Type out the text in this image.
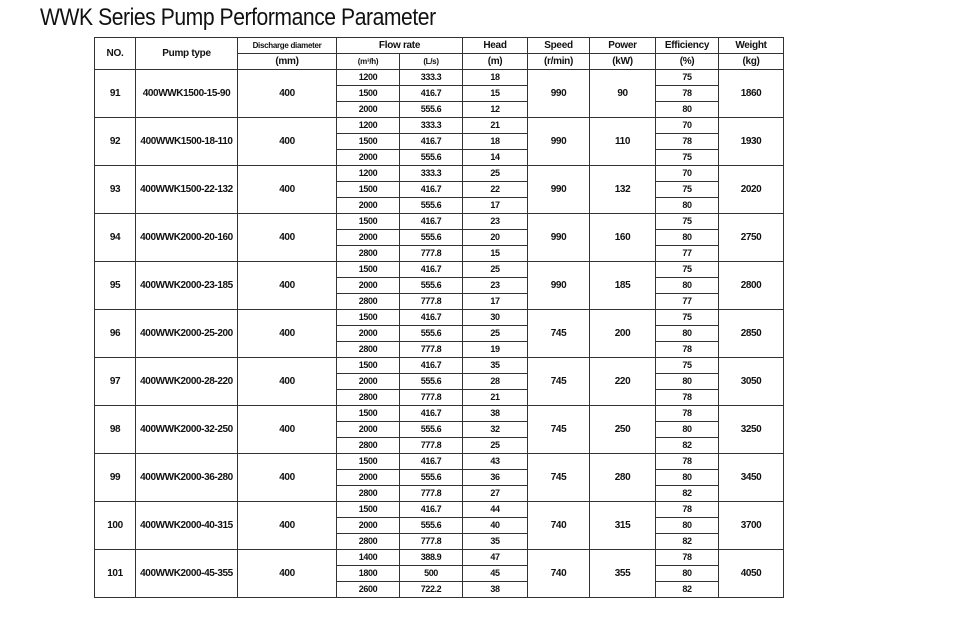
WWK Series Pump Performance Parameter
NO.	Pump type	Discharge diameter	Flow rate		Head	Speed	Power	Efficiency	Weight
		(mm)	(m³/h)	(L/s)	(m)	(r/min)	(kW)	(%)	(kg)
91	400WWK1500-15-90	400	1200	333.3	18	990	90	75	1860
			1500	416.7	15			78	
			2000	555.6	12			80	
92	400WWK1500-18-110	400	1200	333.3	21	990	110	70	1930
			1500	416.7	18			78	
			2000	555.6	14			75	
93	400WWK1500-22-132	400	1200	333.3	25	990	132	70	2020
			1500	416.7	22			75	
			2000	555.6	17			80	
94	400WWK2000-20-160	400	1500	416.7	23	990	160	75	2750
			2000	555.6	20			80	
			2800	777.8	15			77	
95	400WWK2000-23-185	400	1500	416.7	25	990	185	75	2800
			2000	555.6	23			80	
			2800	777.8	17			77	
96	400WWK2000-25-200	400	1500	416.7	30	745	200	75	2850
			2000	555.6	25			80	
			2800	777.8	19			78	
97	400WWK2000-28-220	400	1500	416.7	35	745	220	75	3050
			2000	555.6	28			80	
			2800	777.8	21			78	
98	400WWK2000-32-250	400	1500	416.7	38	745	250	78	3250
			2000	555.6	32			80	
			2800	777.8	25			82	
99	400WWK2000-36-280	400	1500	416.7	43	745	280	78	3450
			2000	555.6	36			80	
			2800	777.8	27			82	
100	400WWK2000-40-315	400	1500	416.7	44	740	315	78	3700
			2000	555.6	40			80	
			2800	777.8	35			82	
101	400WWK2000-45-355	400	1400	388.9	47	740	355	78	4050
			1800	500	45			80	
			2600	722.2	38			82	
